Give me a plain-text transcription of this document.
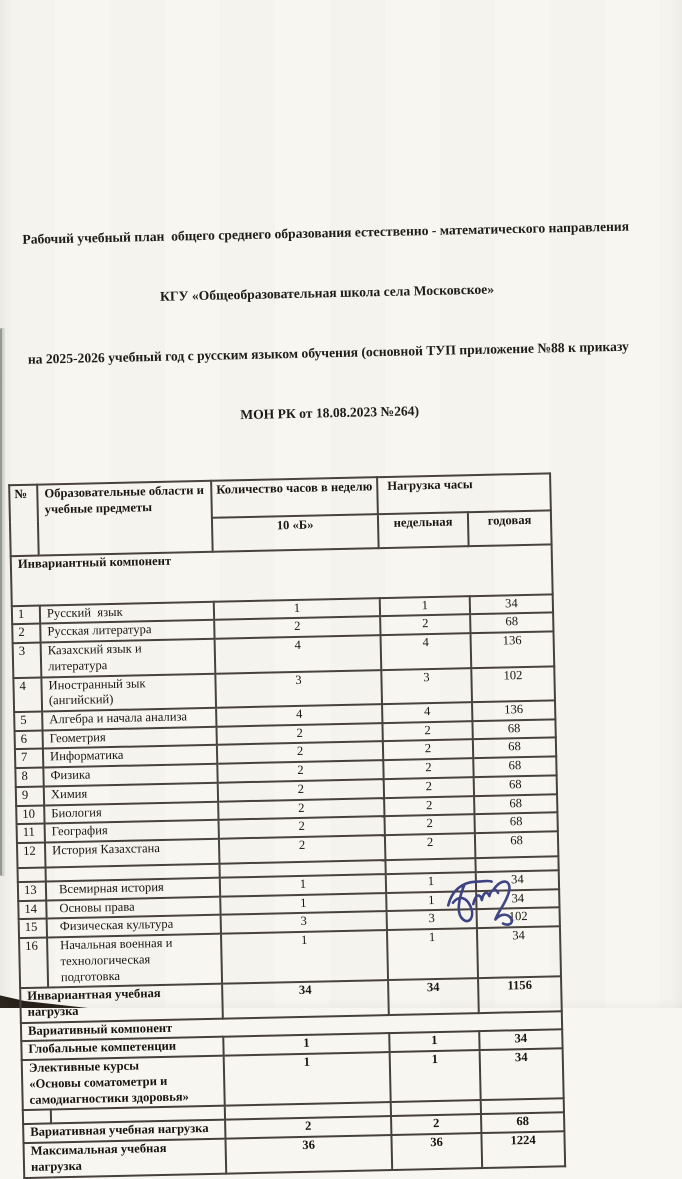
Рабочий учебный план  общего среднего образования естественно - математического направления

КГУ «Общеобразовательная школа села Московское»

на 2025-2026 учебный год с русским языком обучения (основной ТУП приложение №88 к приказу

МОН РК от 18.08.2023 №264)

№	Образовательные области и учебные предметы	Количество часов в неделю	Нагрузка часы	
		10 «Б»	недельная	годовая
Инвариантный компонент				
1	Русский  язык	1	1	34
2	Русская литература	2	2	68
3	Казахский язык и
литература	4	4	136
4	Иностранный зык
(ангийский)	3	3	102
5	Алгебра и начала анализа	4	4	136
6	Геометрия	2	2	68
7	Информатика	2	2	68
8	Физика	2	2	68
9	Химия	2	2	68
10	Биология	2	2	68
11	География	2	2	68
12	История Казахстана	2	2	68

13	Всемирная история	1	1	34
14	Основы права	1	1	34
15	Физическая культура	3	3	102
16	Начальная военная и
технологическая
подготовка	1	1	34
Инвариантная учебная
нагрузка		34	34	1156
Вариативный компонент				
Глобальные компетенции		1	1	34
Элективные курсы
«Основы соматометри и
самодиагностики здоровья»		1	1	34

Вариативная учебная нагрузка		2	2	68
Максимальная учебная
нагрузка		36	36	1224
